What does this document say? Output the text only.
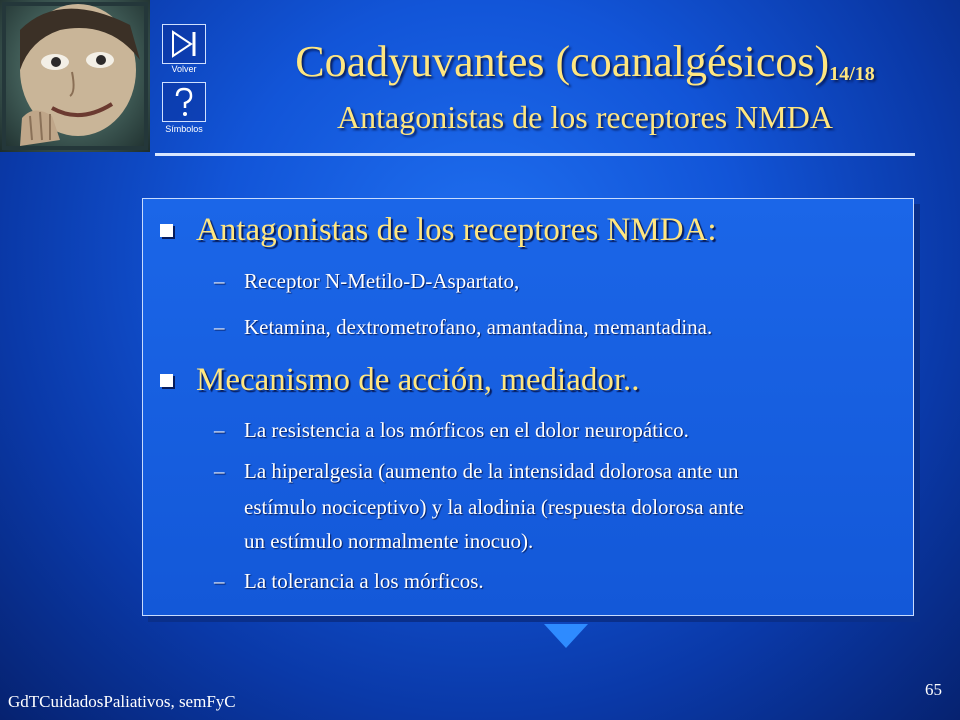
Volver
Símbolos
Coadyuvantes $(coanalgésicos)_{14/18}$
Antagonistas de los receptores NMDA
Antagonistas de los receptores NMDA:
– Receptor N-Metilo-D-Aspartato,
– Ketamina, dextrometrofano, amantadina, memantadina.
Mecanismo de acción, mediador..
– La resistencia a los mórficos en el dolor neuropático.
– La hiperalgesia (aumento de la intensidad dolorosa ante un
estímulo nociceptivo) y la alodinia (respuesta dolorosa ante
un estímulo normalmente inocuo).
– La tolerancia a los mórficos.
GdTCuidadosPaliativos, semFyC
65
